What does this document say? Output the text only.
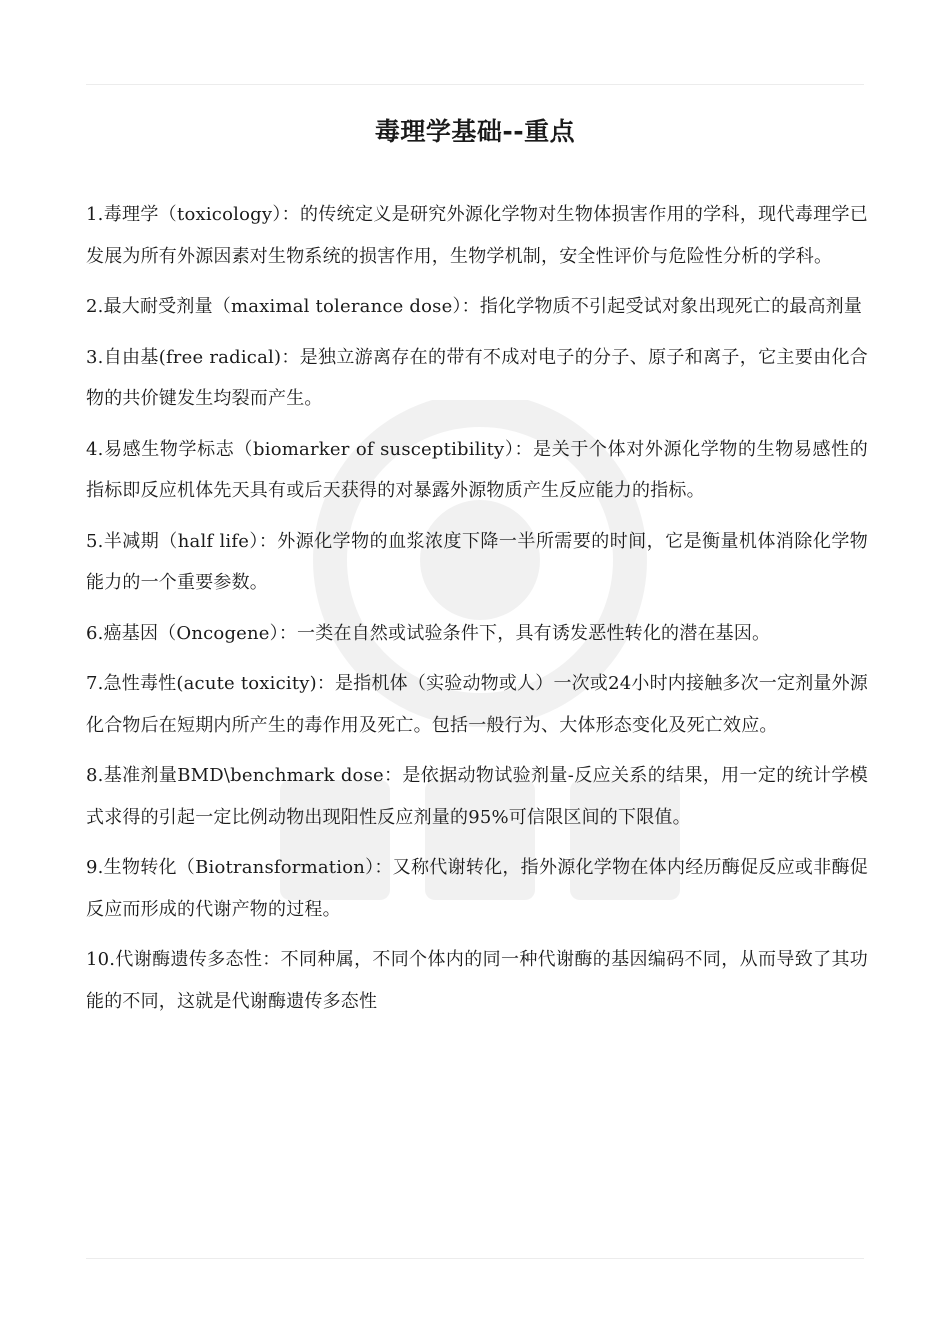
毒理学基础--重点

1.毒理学（toxicology）：的传统定义是研究外源化学物对生物体损害作用的学科，现代毒理学已发展为所有外源因素对生物系统的损害作用，生物学机制，安全性评价与危险性分析的学科。

2.最大耐受剂量（maximal tolerance dose）：指化学物质不引起受试对象出现死亡的最高剂量

3.自由基(free radical)：是独立游离存在的带有不成对电子的分子、原子和离子，它主要由化合物的共价键发生均裂而产生。

4.易感生物学标志（biomarker of susceptibility）：是关于个体对外源化学物的生物易感性的指标即反应机体先天具有或后天获得的对暴露外源物质产生反应能力的指标。

5.半减期（half life）：外源化学物的血浆浓度下降一半所需要的时间，它是衡量机体消除化学物能力的一个重要参数。

6.癌基因（Oncogene）：一类在自然或试验条件下，具有诱发恶性转化的潜在基因。

7.急性毒性(acute toxicity)：是指机体（实验动物或人）一次或24小时内接触多次一定剂量外源化合物后在短期内所产生的毒作用及死亡。包括一般行为、大体形态变化及死亡效应。

8.基准剂量BMD\benchmark dose：是依据动物试验剂量-反应关系的结果，用一定的统计学模式求得的引起一定比例动物出现阳性反应剂量的95%可信限区间的下限值。

9.生物转化（Biotransformation）：又称代谢转化，指外源化学物在体内经历酶促反应或非酶促反应而形成的代谢产物的过程。

10.代谢酶遗传多态性：不同种属，不同个体内的同一种代谢酶的基因编码不同，从而导致了其功能的不同，这就是代谢酶遗传多态性
